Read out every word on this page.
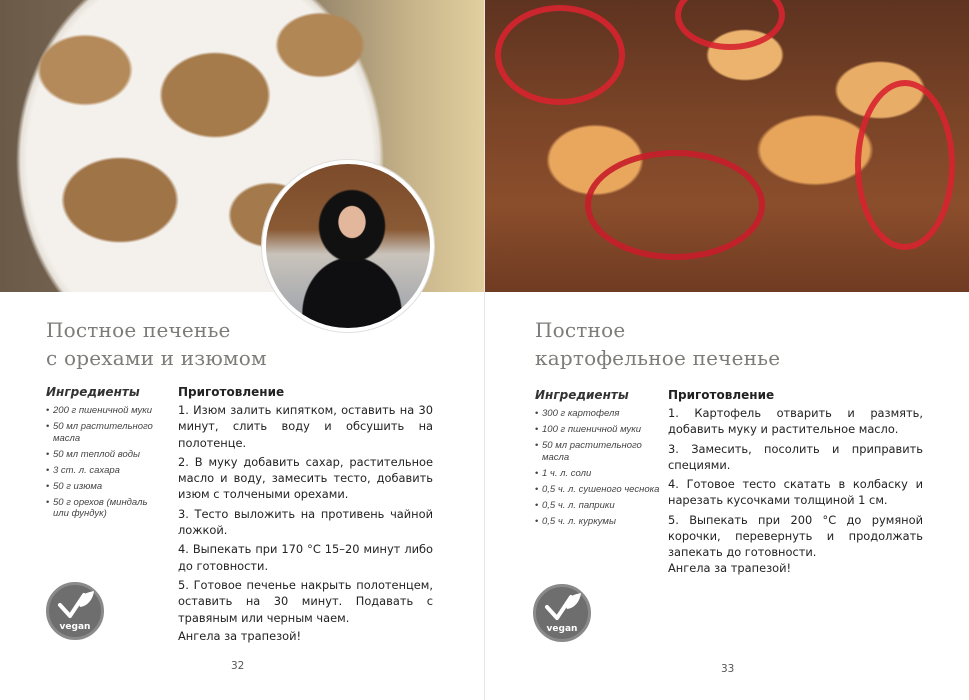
Постное печенье
с орехами и изюмом
Ингредиенты
• 200 г пшеничной муки
• 50 мл растительного масла
• 50 мл теплой воды
• 3 ст. л. сахара
• 50 г изюма
• 50 г орехов (миндаль или фундук)
Приготовление

1. Изюм залить кипятком, оставить на 30 минут, слить воду и обсушить на полотенце.

2. В муку добавить сахар, растительное масло и воду, замесить тесто, добавить изюм с толчеными орехами.

3. Тесто выложить на противень чайной ложкой.

4. Выпекать при 170 °С 15–20 минут либо до готовности.

5. Готовое печенье накрыть полотенцем, оставить на 30 минут. Подавать с травяным или черным чаем.

Ангела за трапезой!
vegan
32
Постное
картофельное печенье
Ингредиенты
• 300 г картофеля
• 100 г пшеничной муки
• 50 мл растительного масла
• 1 ч. л. соли
• 0,5 ч. л. сушеного чеснока
• 0,5 ч. л. паприки
• 0,5 ч. л. куркумы
Приготовление

1. Картофель отварить и размять, добавить муку и растительное масло.

3. Замесить, посолить и приправить специями.

4. Готовое тесто скатать в колбаску и нарезать кусочками толщиной 1 см.

5. Выпекать при 200 °С до румяной корочки, перевернуть и продолжать запекать до готовности.

Ангела за трапезой!
vegan
33
